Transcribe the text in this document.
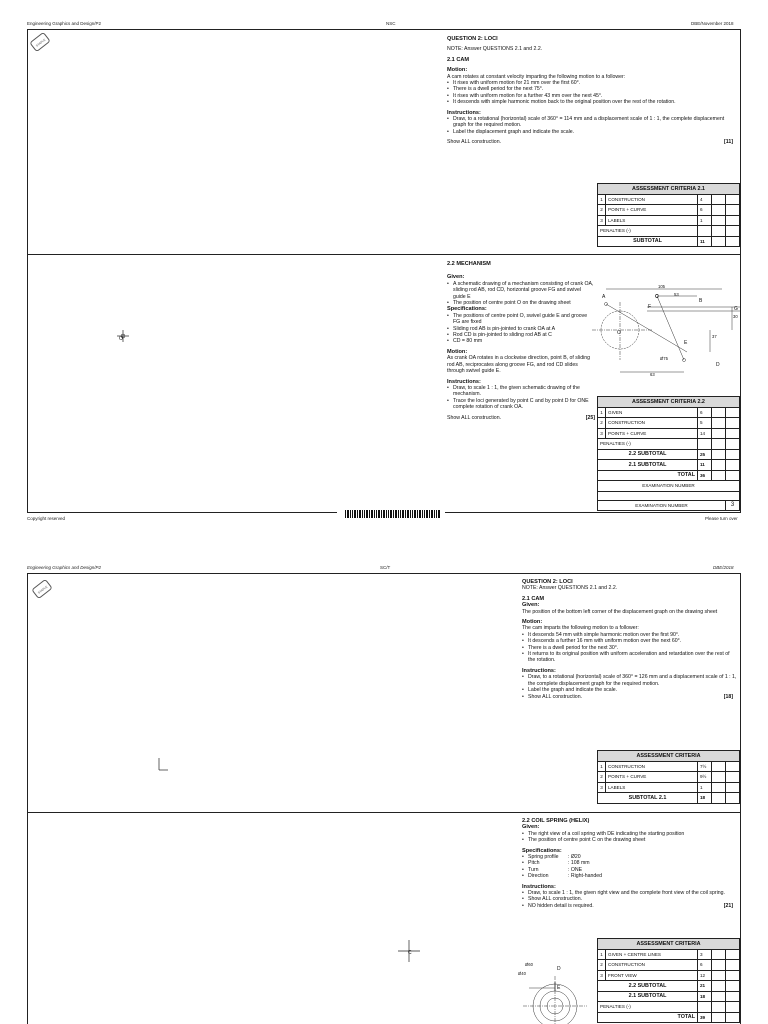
Engineering Graphics and Design/P2	NSC	DBE/November 2018
STAPLE
O

QUESTION 2: LOCI

NOTE: Answer QUESTIONS 2.1 and 2.2.

2.1 CAM

Motion:

A cam rotates at constant velocity imparting the following motion to a follower:

• It rises with uniform motion for 21 mm over the first 60°.
• There is a dwell period for the next 75°.
• It rises with uniform motion for a further 43 mm over the next 45°.
• It descends with simple harmonic motion back to the original position over the rest of the rotation.

Instructions:

• Draw, to a rotational (horizontal) scale of 360° = 114 mm and a displacement scale of 1 : 1, the complete displacement graph for the required motion.
• Label the displacement graph and indicate the scale.

Show ALL construction.	[11]

ASSESSMENT CRITERIA 2.1				
1	CONSTRUCTION	4		
2	POINTS + CURVE	6		
3	LABELS	1		
PENALTIES (-)				
SUBTOTAL		11		

2.2 MECHANISM

Given:

• A schematic drawing of a mechanism consisting of crank OA, sliding rod AB, rod CD, horizontal groove FG and swivel guide E
• The position of centre point O on the drawing sheet

Specifications:

• The positions of centre point O, swivel guide E and groove FG are fixed
• Sliding rod AB is pin-jointed to crank OA at A
• Rod CD is pin-jointed to sliding rod AB at C
• CD = 80 mm

Motion:

As crank OA rotates in a clockwise direction, point B, of sliding rod AB, reciprocates along groove FG, and rod CD slides through swivel guide E.

Instructions:

• Draw, to scale 1 : 1, the given schematic drawing of the mechanism.
• Trace the loci generated by point C and by point D for ONE complete rotation of crank OA.

Show ALL construction.	[25]

105
53
30
37
Ø75
63
A
B
C
D
E
F	G
O
ASSESSMENT CRITERIA 2.2				
1	GIVEN	6		
2	CONSTRUCTION	5		
3	POINTS + CURVE	14		
PENALTIES (-)				
2.2 SUBTOTAL		25		
2.1 SUBTOTAL		11		
TOTAL		36		
EXAMINATION NUMBER				

EXAMINATION NUMBER				3
Copyright reserved	Please turn over
Engineering Graphics and Design/P2	SC/T	DBE/2018
STAPLE
C

QUESTION 2: LOCI

NOTE: Answer QUESTIONS 2.1 and 2.2.

2.1 CAM

Given:

The position of the bottom left corner of the displacement graph on the drawing sheet

Motion:

The cam imparts the following motion to a follower:

• It descends 54 mm with simple harmonic motion over the first 90°.
• It descends a further 16 mm with uniform motion over the next 60°.
• There is a dwell period for the next 30°.
• It returns to its original position with uniform acceleration and retardation over the rest of the rotation.

Instructions:

• Draw, to a rotational (horizontal) scale of 360° = 126 mm and a displacement scale of 1 : 1, the complete displacement graph for the required motion.
• Label the graph and indicate the scale.
• Show ALL construction.	[18]
ASSESSMENT CRITERIA				
1	CONSTRUCTION	7½		
2	POINTS + CURVE	9½		
3	LABELS	1		
SUBTOTAL 2.1		18		

2.2 COIL SPRING (HELIX)

Given:

• The right view of a coil spring with DE indicating the starting position
• The position of centre point C on the drawing sheet

Specifications:

• Spring profile : Ø20
• Pitch	: 108 mm
• Turn	: ONE
• Direction	: Right-handed

Instructions:

• Draw, to scale 1 : 1, the given right view and the complete front view of the coil spring.
• Show ALL construction.
• NO hidden detail is required.	[21]
Ø60
Ø40
D
E
ASSESSMENT CRITERIA				
1	GIVEN + CENTRE LINES	3		
2	CONSTRUCTION	6		
3	FRONT VIEW	12		
2.2 SUBTOTAL		21		
2.1 SUBTOTAL		18		
PENALTIES (-)				
TOTAL		39		
